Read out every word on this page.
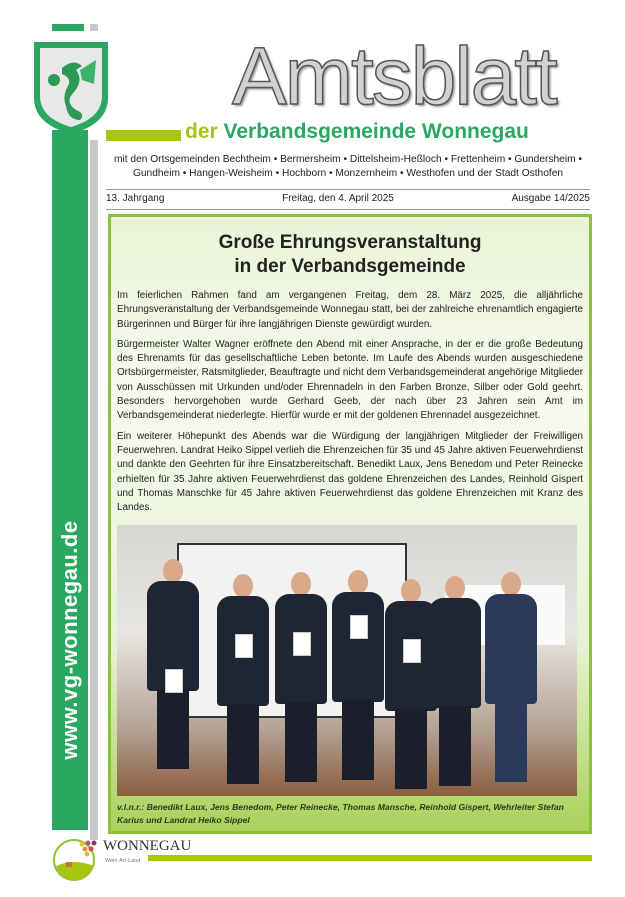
www.vg-wonnegau.de
Amtsblatt
der Verbandsgemeinde Wonnegau
mit den Ortsgemeinden Bechtheim • Bermersheim • Dittelsheim-Heßloch • Frettenheim • Gundersheim • Gundheim • Hangen-Weisheim • Hochborn • Monzernheim • Westhofen und der Stadt Osthofen
13. Jahrgang	Freitag, den 4. April 2025	Ausgabe 14/2025
Große Ehrungsveranstaltung
in der Verbandsgemeinde

Im feierlichen Rahmen fand am vergangenen Freitag, dem 28. März 2025, die alljährliche Ehrungsveranstaltung der Verbandsgemeinde Wonnegau statt, bei der zahlreiche ehrenamtlich engagierte Bürgerinnen und Bürger für ihre langjährigen Dienste gewürdigt wurden.

Bürgermeister Walter Wagner eröffnete den Abend mit einer Ansprache, in der er die große Bedeutung des Ehrenamts für das gesellschaftliche Leben betonte. Im Laufe des Abends wurden ausgeschiedene Ortsbürgermeister, Ratsmitglieder, Beauftragte und nicht dem Verbandsgemeinderat angehörige Mitglieder von Ausschüssen mit Urkunden und/oder Ehrennadeln in den Farben Bronze, Silber oder Gold geehrt. Besonders hervorgehoben wurde Gerhard Geeb, der nach über 23 Jahren sein Amt im Verbandsgemeinderat niederlegte. Hierfür wurde er mit der goldenen Ehrennadel ausgezeichnet.

Ein weiterer Höhepunkt des Abends war die Würdigung der langjährigen Mitglieder der Freiwilligen Feuerwehren. Landrat Heiko Sippel verlieh die Ehrenzeichen für 35 und 45 Jahre aktiven Feuerwehrdienst und dankte den Geehrten für ihre Einsatzbereitschaft. Benedikt Laux, Jens Benedom und Peter Reinecke erhielten für 35 Jahre aktiven Feuerwehrdienst das goldene Ehrenzeichen des Landes, Reinhold Gispert und Thomas Manschke für 45 Jahre aktiven Feuerwehrdienst das goldene Ehrenzeichen mit Kranz des Landes.

v.l.n.r.: Benedikt Laux, Jens Benedom, Peter Reinecke, Thomas Mansche, Reinhold Gispert, Wehrleiter Stefan Karius und Landrat Heiko Sippel
WONNEGAU
Wein·Art·Land
